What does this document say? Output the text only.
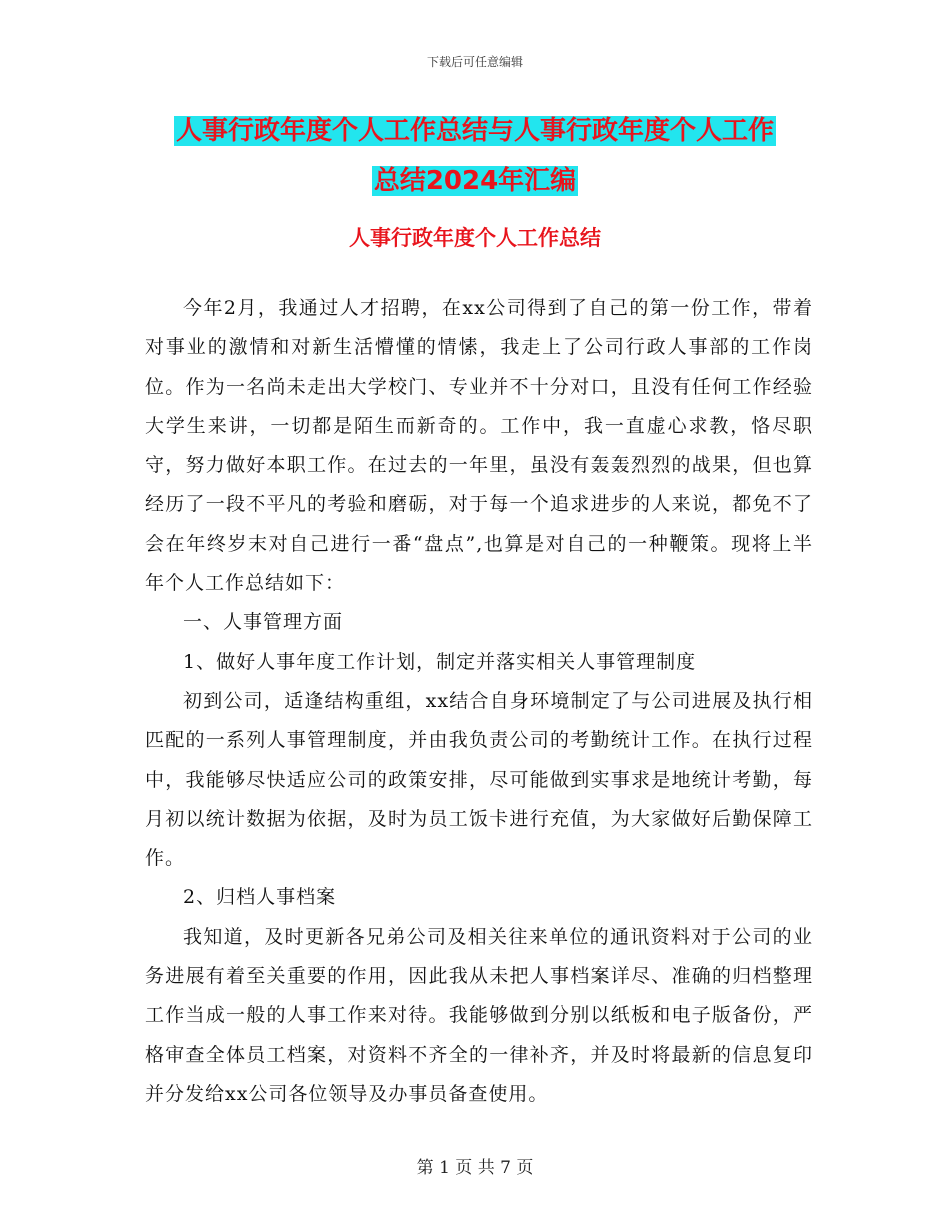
下载后可任意编辑
人事行政年度个人工作总结与人事行政年度个人工作
总结2024年汇编
人事行政年度个人工作总结

今年2月，我通过人才招聘，在xx公司得到了自己的第一份工作，带着对事业的激情和对新生活懵懂的情愫，我走上了公司行政人事部的工作岗位。作为一名尚未走出大学校门、专业并不十分对口，且没有任何工作经验大学生来讲，一切都是陌生而新奇的。工作中，我一直虚心求教，恪尽职守，努力做好本职工作。在过去的一年里，虽没有轰轰烈烈的战果，但也算经历了一段不平凡的考验和磨砺，对于每一个追求进步的人来说，都免不了会在年终岁末对自己进行一番“盘点”,也算是对自己的一种鞭策。现将上半年个人工作总结如下：

一、人事管理方面

1、做好人事年度工作计划，制定并落实相关人事管理制度

初到公司，适逢结构重组，xx结合自身环境制定了与公司进展及执行相匹配的一系列人事管理制度，并由我负责公司的考勤统计工作。在执行过程中，我能够尽快适应公司的政策安排，尽可能做到实事求是地统计考勤，每月初以统计数据为依据，及时为员工饭卡进行充值，为大家做好后勤保障工作。

2、归档人事档案

我知道，及时更新各兄弟公司及相关往来单位的通讯资料对于公司的业务进展有着至关重要的作用，因此我从未把人事档案详尽、准确的归档整理工作当成一般的人事工作来对待。我能够做到分别以纸板和电子版备份，严格审查全体员工档案，对资料不齐全的一律补齐，并及时将最新的信息复印并分发给xx公司各位领导及办事员备查使用。

第 1 页 共 7 页
